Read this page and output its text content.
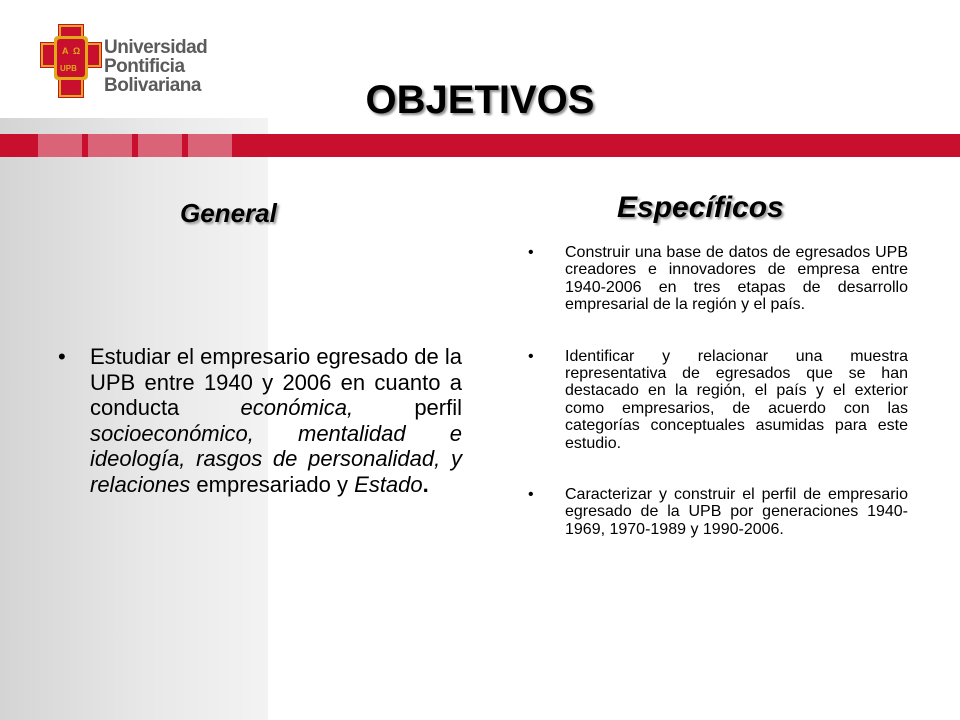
A Ω
UPB
Universidad
Pontificia
Bolivariana	OBJETIVOS
General	Específicos
•	Estudiar el empresario egresado de la UPB entre 1940 y 2006 en cuanto a conducta económica, perfil socioeconómico, mentalidad e ideología, rasgos de personalidad, y relaciones empresariado y Estado.
•	Construir una base de datos de egresados UPB creadores e innovadores de empresa entre 1940-2006 en tres etapas de desarrollo empresarial de la región y el país.
•	Identificar y relacionar una muestra representativa de egresados que se han destacado en la región, el país y el exterior como empresarios, de acuerdo con las categorías conceptuales asumidas para este estudio.
•	Caracterizar y construir el perfil de empresario egresado de la UPB por generaciones 1940-1969, 1970-1989 y 1990-2006.
